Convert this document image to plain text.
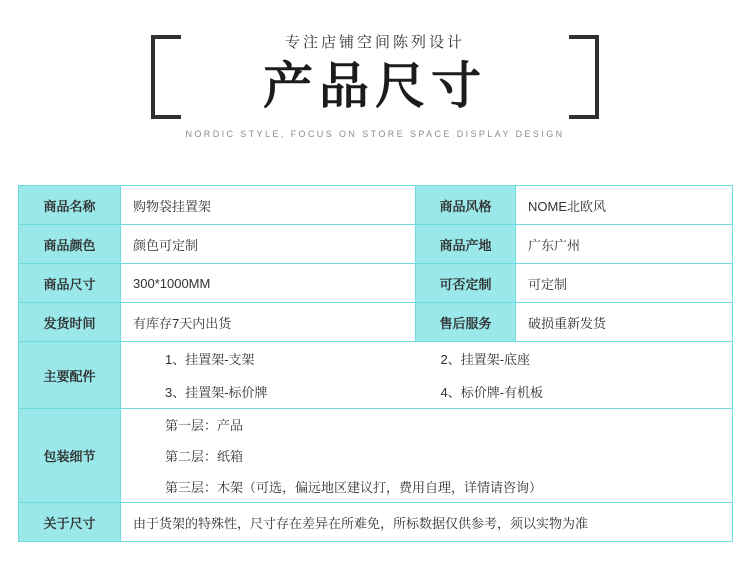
专注店铺空间陈列设计
产品尺寸
NORDIC STYLE, FOCUS ON STORE SPACE DISPLAY DESIGN
商品名称	购物袋挂置架	商品风格	NOME北欧风
商品颜色	颜色可定制	商品产地	广东广州
商品尺寸	300*1000MM	可否定制	可定制
发货时间	有库存7天内出货	售后服务	破损重新发货
主要配件	1、挂置架-支架 2、挂置架-底座
3、挂置架-标价牌 4、标价牌-有机板		

包装细节	第一层：产品
第二层：纸箱
第三层：木架（可选，偏远地区建议打，费用自理，详情请咨询）		

关于尺寸	由于货架的特殊性，尺寸存在差异在所难免，所标数据仅供参考，须以实物为准		
